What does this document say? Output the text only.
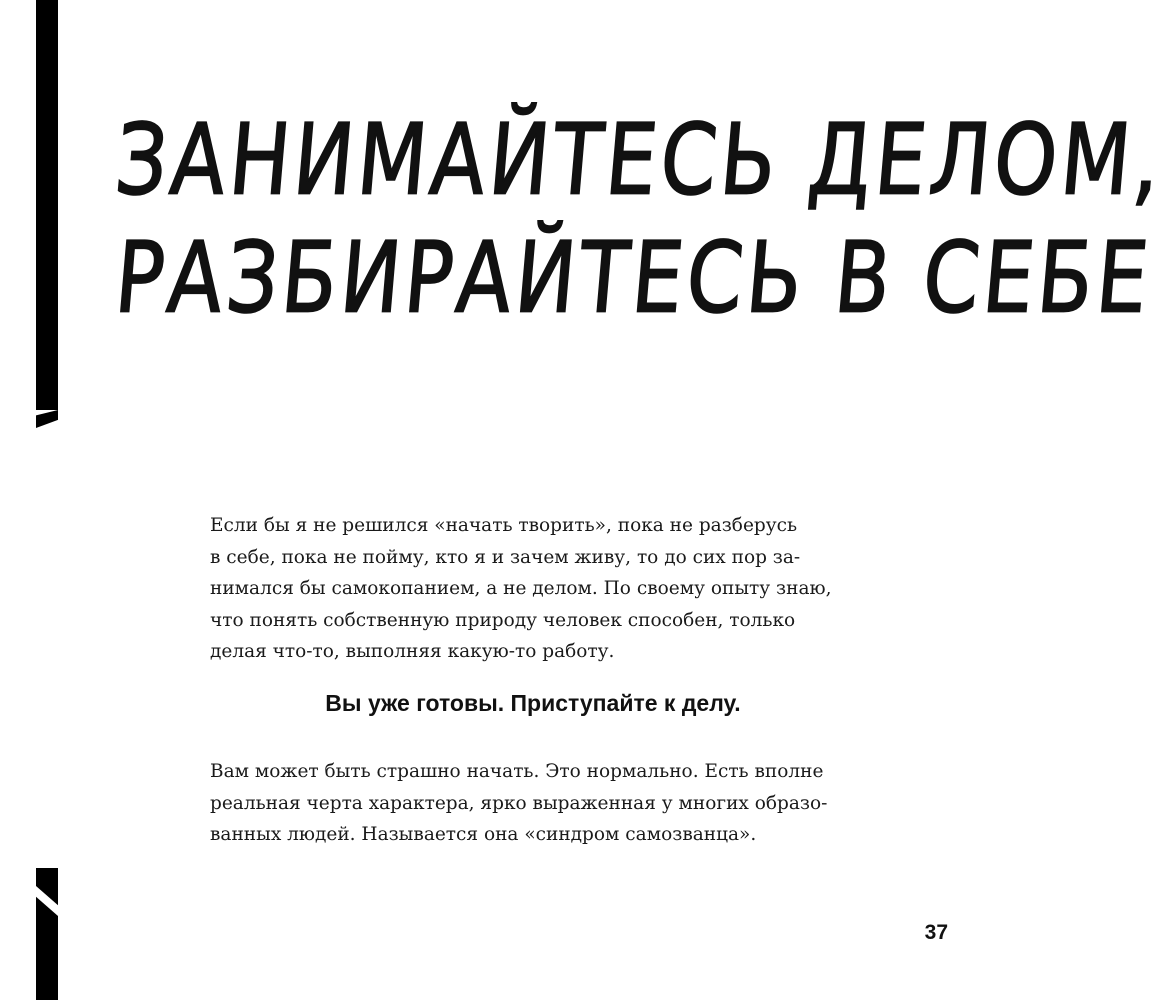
ЗАНИМАЙТЕСЬ ДЕЛОМ,
РАЗБИРАЙТЕСЬ В СЕБЕ

Если бы я не решился «начать творить», пока не разберусь
в себе, пока не пойму, кто я и зачем живу, то до сих пор за-
нимался бы самокопанием, а не делом. По своему опыту знаю,
что понять собственную природу человек способен, только
делая что-то, выполняя какую-то работу.

Вы уже готовы. Приступайте к делу.

Вам может быть страшно начать. Это нормально. Есть вполне
реальная черта характера, ярко выраженная у многих образо-
ванных людей. Называется она «синдром самозванца».

37
